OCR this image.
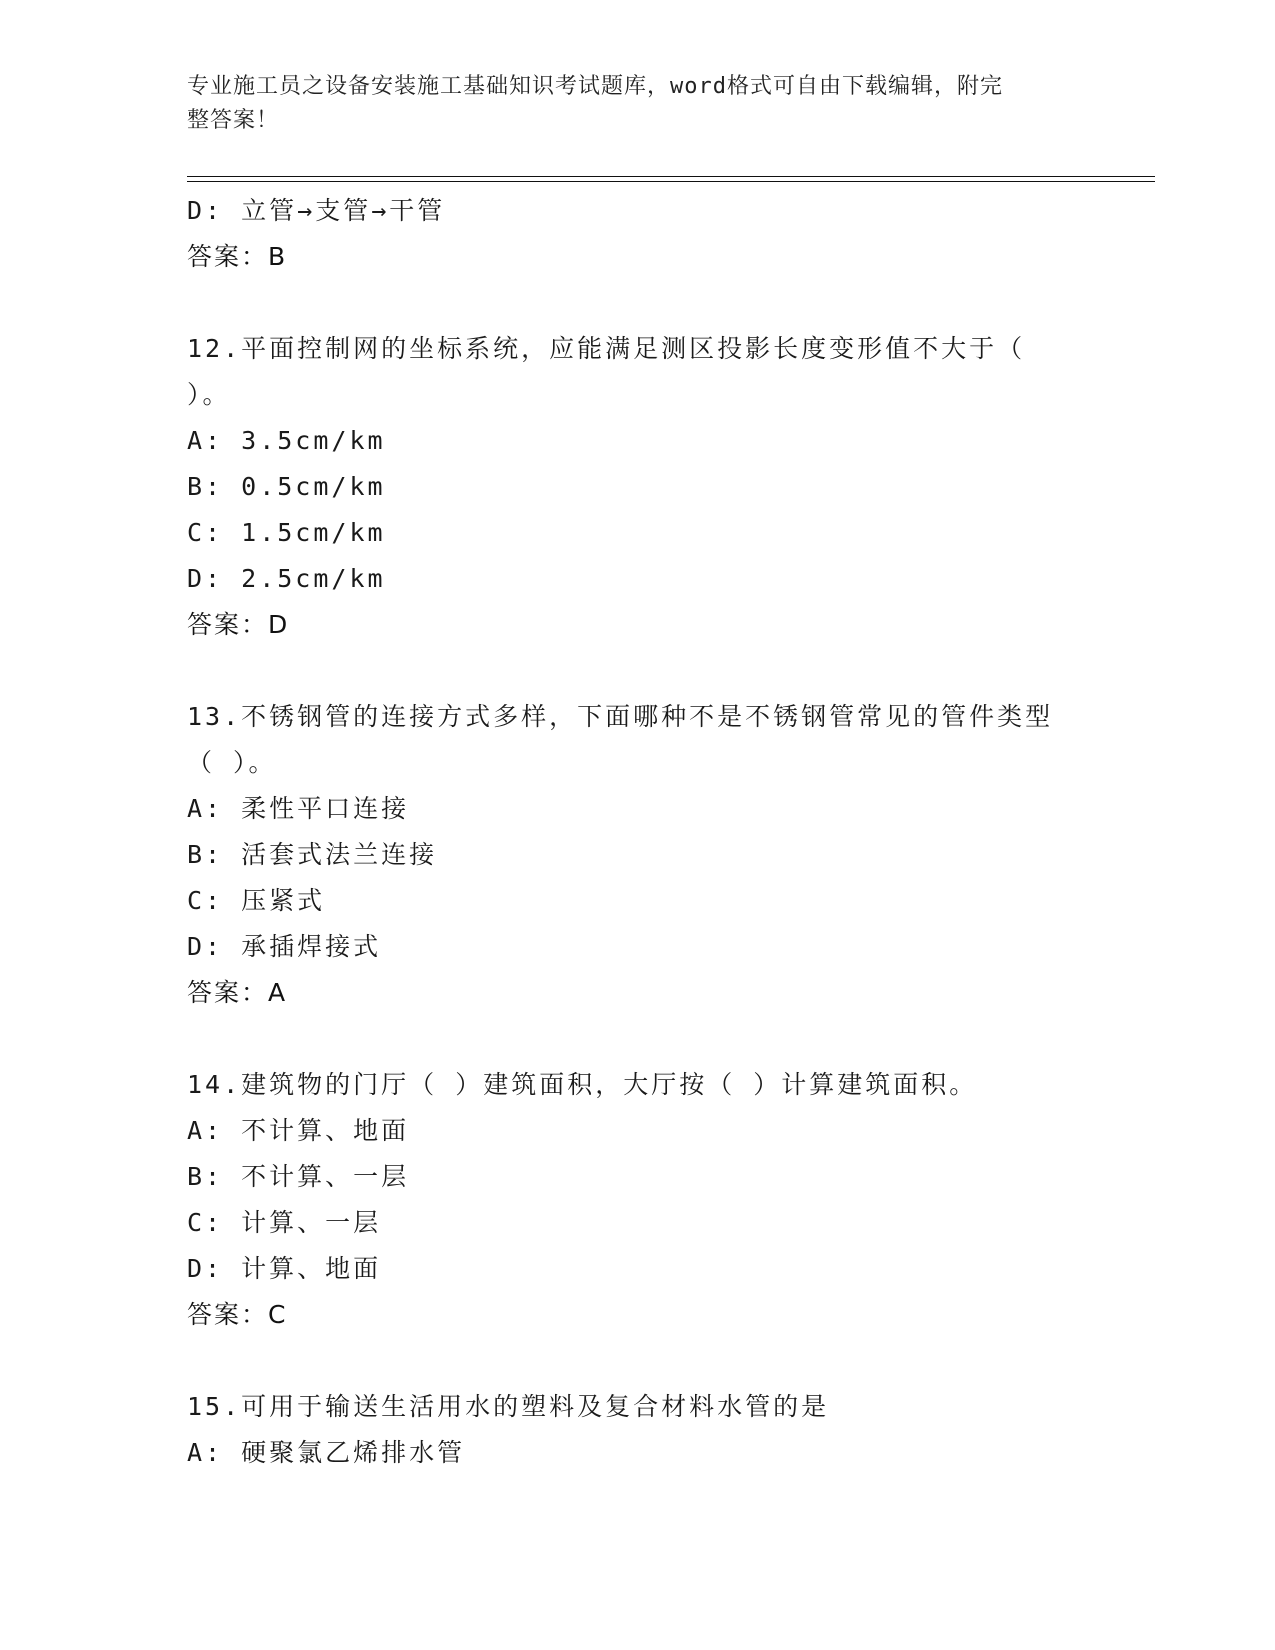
专业施工员之设备安装施工基础知识考试题库，word格式可自由下载编辑，附完
整答案！
D: 立管→支管→干管
答案：B
12.平面控制网的坐标系统，应能满足测区投影长度变形值不大于（
）。
A: 3.5cm/km
B: 0.5cm/km
C: 1.5cm/km
D: 2.5cm/km
答案：D
13.不锈钢管的连接方式多样，下面哪种不是不锈钢管常见的管件类型
（ ）。
A: 柔性平口连接
B: 活套式法兰连接
C: 压紧式
D: 承插焊接式
答案：A
14.建筑物的门厅（ ）建筑面积，大厅按（ ）计算建筑面积。
A: 不计算、地面
B: 不计算、一层
C: 计算、一层
D: 计算、地面
答案：C
15.可用于输送生活用水的塑料及复合材料水管的是
A: 硬聚氯乙烯排水管
